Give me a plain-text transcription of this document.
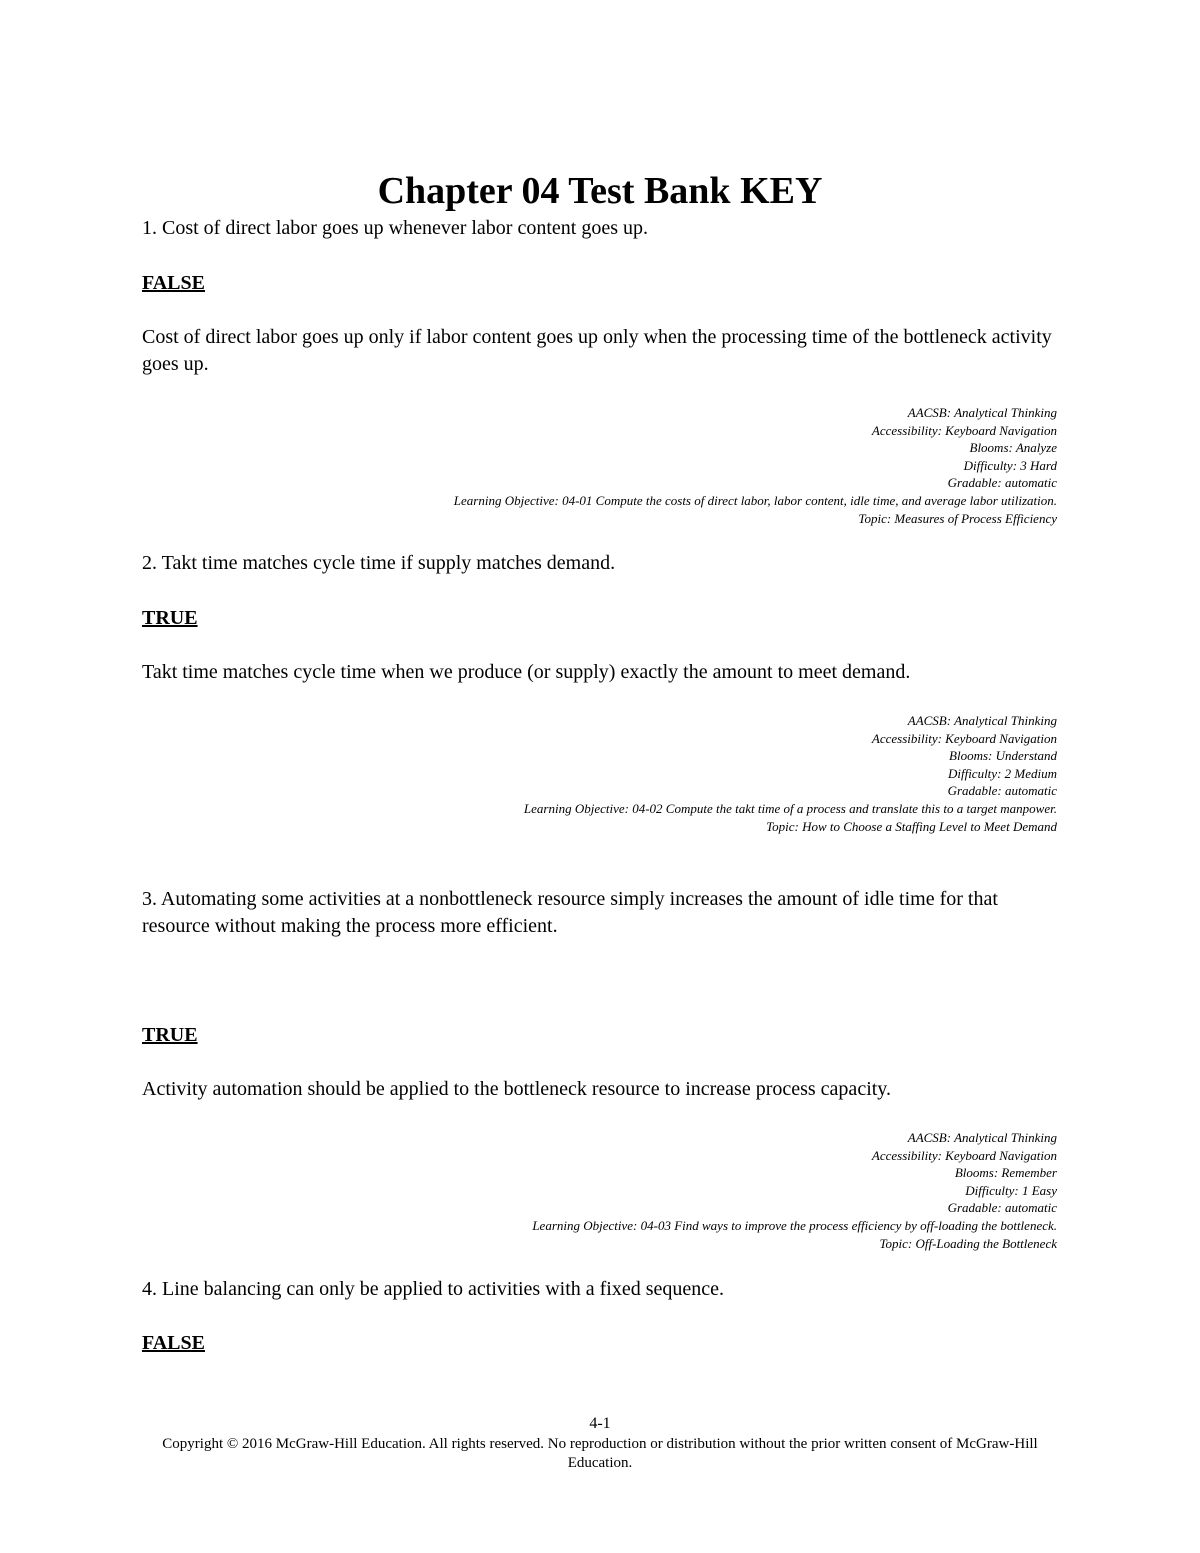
Chapter 04 Test Bank KEY
1. Cost of direct labor goes up whenever labor content goes up.
FALSE
Cost of direct labor goes up only if labor content goes up only when the processing time of the bottleneck activity goes up.
AACSB: Analytical Thinking
Accessibility: Keyboard Navigation
Blooms: Analyze
Difficulty: 3 Hard
Gradable: automatic
Learning Objective: 04-01 Compute the costs of direct labor, labor content, idle time, and average labor utilization.
Topic: Measures of Process Efficiency
2. Takt time matches cycle time if supply matches demand.
TRUE
Takt time matches cycle time when we produce (or supply) exactly the amount to meet demand.
AACSB: Analytical Thinking
Accessibility: Keyboard Navigation
Blooms: Understand
Difficulty: 2 Medium
Gradable: automatic
Learning Objective: 04-02 Compute the takt time of a process and translate this to a target manpower.
Topic: How to Choose a Staffing Level to Meet Demand
3. Automating some activities at a nonbottleneck resource simply increases the amount of idle time for that resource without making the process more efficient.
TRUE
Activity automation should be applied to the bottleneck resource to increase process capacity.
AACSB: Analytical Thinking
Accessibility: Keyboard Navigation
Blooms: Remember
Difficulty: 1 Easy
Gradable: automatic
Learning Objective: 04-03 Find ways to improve the process efficiency by off-loading the bottleneck.
Topic: Off-Loading the Bottleneck
4. Line balancing can only be applied to activities with a fixed sequence.
FALSE
4-1
Copyright © 2016 McGraw-Hill Education. All rights reserved. No reproduction or distribution without the prior written consent of McGraw-Hill Education.
